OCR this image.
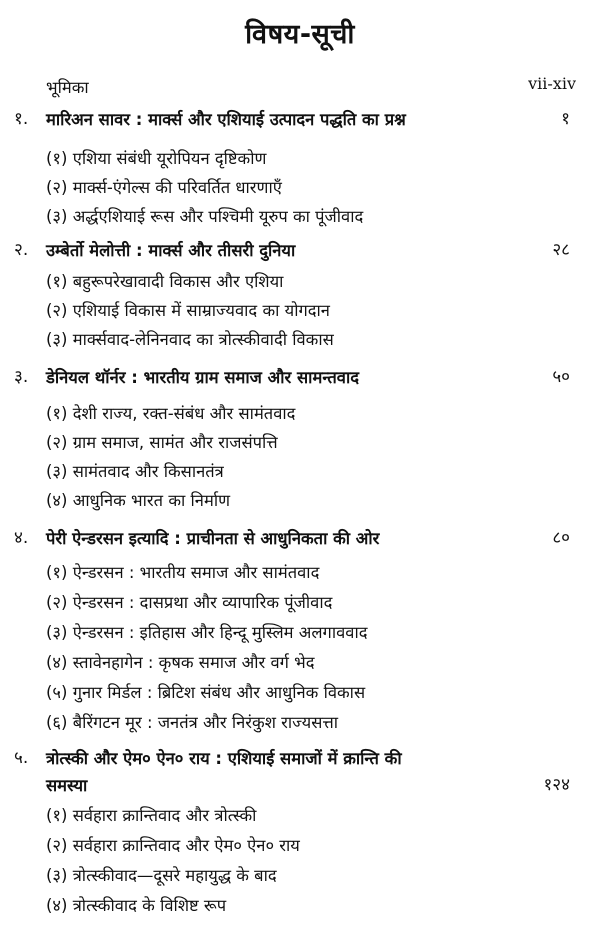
विषय-सूची
भूमिका	vii-xiv
१. मारिअन सावर : मार्क्स और एशियाई उत्पादन पद्धति का प्रश्न	१
(१) एशिया संबंधी यूरोपियन दृष्टिकोण
(२) मार्क्स-एंगेल्स की परिवर्तित धारणाएँ
(३) अर्द्धएशियाई रूस और पश्चिमी यूरुप का पूंजीवाद
२. उम्बेर्तो मेलोत्ती : मार्क्स और तीसरी दुनिया	२८
(१) बहुरूपरेखावादी विकास और एशिया
(२) एशियाई विकास में साम्राज्यवाद का योगदान
(३) मार्क्सवाद-लेनिनवाद का त्रोत्स्कीवादी विकास
३. डेनियल थॉर्नर : भारतीय ग्राम समाज और सामन्तवाद	५०
(१) देशी राज्य, रक्त-संबंध और सामंतवाद
(२) ग्राम समाज, सामंत और राजसंपत्ति
(३) सामंतवाद और किसानतंत्र
(४) आधुनिक भारत का निर्माण
४. पेरी ऐन्डरसन इत्यादि : प्राचीनता से आधुनिकता की ओर	८०
(१) ऐन्डरसन : भारतीय समाज और सामंतवाद
(२) ऐन्डरसन : दासप्रथा और व्यापारिक पूंजीवाद
(३) ऐन्डरसन : इतिहास और हिन्दू मुस्लिम अलगाववाद
(४) स्तावेनहागेन : कृषक समाज और वर्ग भेद
(५) गुनार मिर्डल : ब्रिटिश संबंध और आधुनिक विकास
(६) बैरिंगटन मूर : जनतंत्र और निरंकुश राज्यसत्ता
५. त्रोत्स्की और ऐम० ऐन० राय : एशियाई समाजों में क्रान्ति की
समस्या	१२४
(१) सर्वहारा क्रान्तिवाद और त्रोत्स्की
(२) सर्वहारा क्रान्तिवाद और ऐम० ऐन० राय
(३) त्रोत्स्कीवाद—दूसरे महायुद्ध के बाद
(४) त्रोत्स्कीवाद के विशिष्ट रूप
